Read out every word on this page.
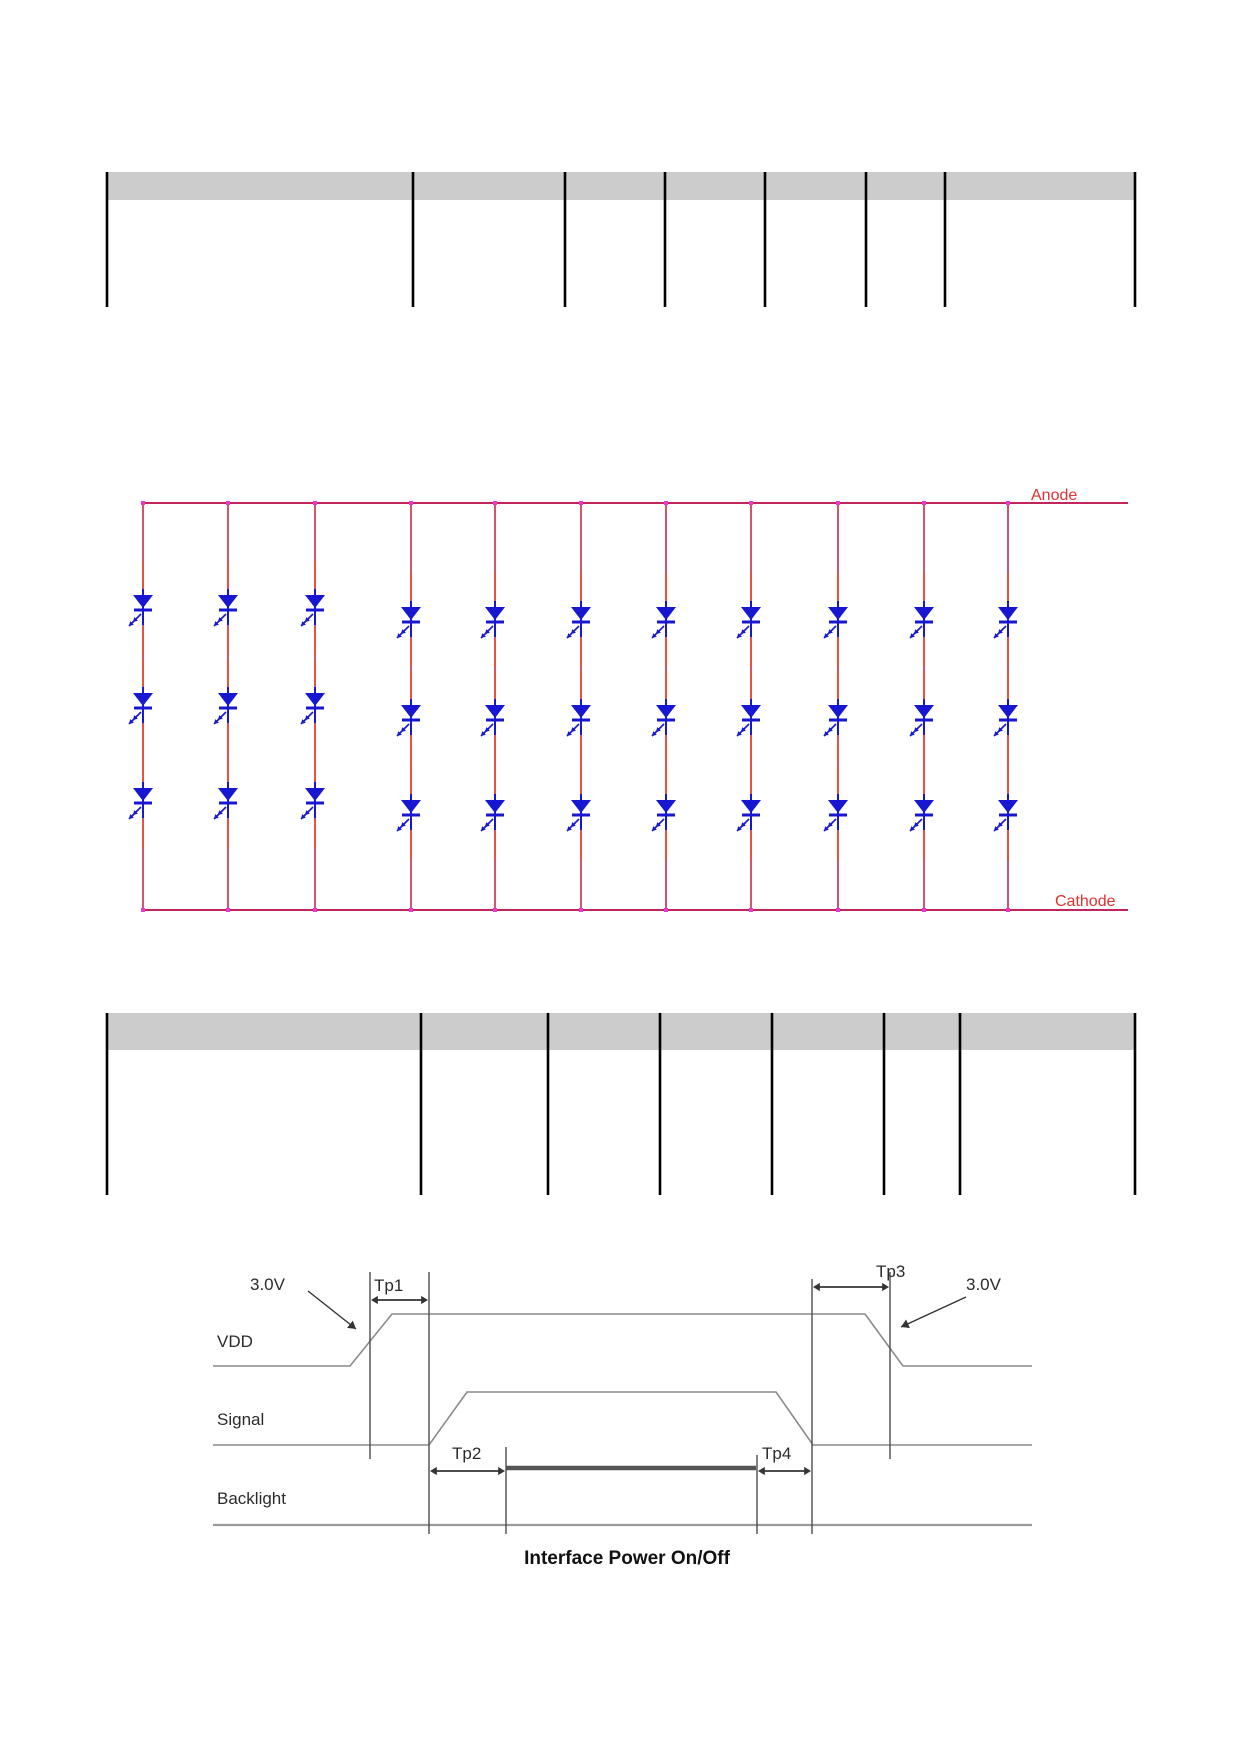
Anode
Cathode
VDD
Signal
Backlight
Tp1
Tp2
Tp3
Tp4
3.0V	3.0V
Interface Power On/Off
